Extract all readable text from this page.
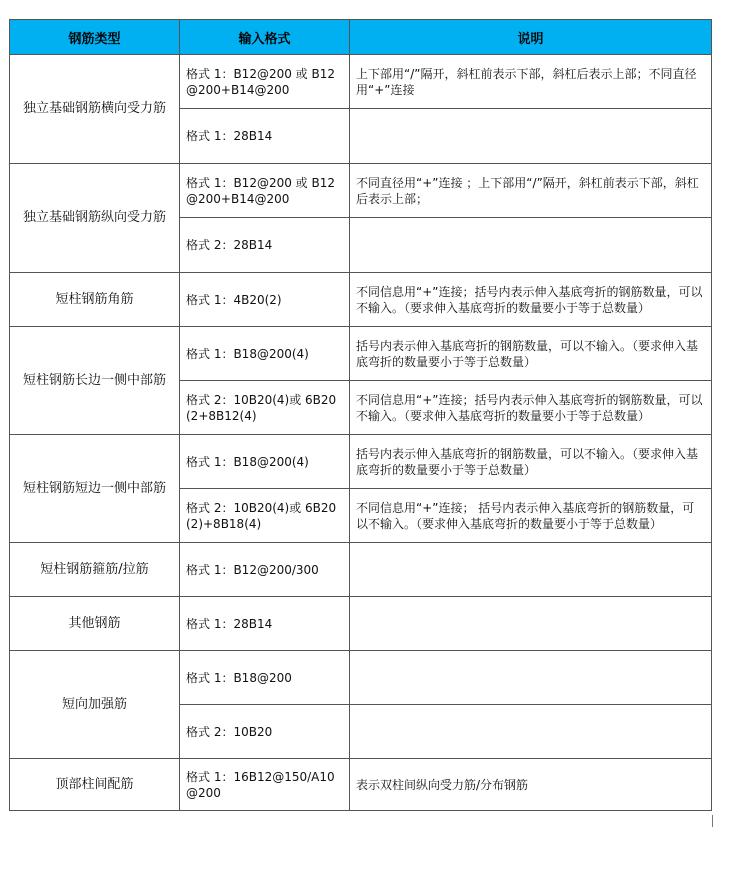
钢筋类型	输入格式	说明
独立基础钢筋横向受力筋	格式 1：B12@200 或 B12@200+B14@200	上下部用“/”隔开，斜杠前表示下部，斜杠后表示上部；不同直径用“+”连接
	格式 1：28B14	
独立基础钢筋纵向受力筋	格式 1：B12@200 或 B12@200+B14@200	不同直径用“+”连接 ；上下部用“/”隔开，斜杠前表示下部，斜杠后表示上部；
	格式 2：28B14	
短柱钢筋角筋	格式 1：4B20(2)	不同信息用“+”连接；括号内表示伸入基底弯折的钢筋数量，可以不输入。（要求伸入基底弯折的数量要小于等于总数量）
短柱钢筋长边一侧中部筋	格式 1：B18@200(4)	括号内表示伸入基底弯折的钢筋数量，可以不输入。（要求伸入基底弯折的数量要小于等于总数量）
	格式 2：10B20(4)或 6B20(2+8B12(4)	不同信息用“+”连接；括号内表示伸入基底弯折的钢筋数量，可以不输入。（要求伸入基底弯折的数量要小于等于总数量）
短柱钢筋短边一侧中部筋	格式 1：B18@200(4)	括号内表示伸入基底弯折的钢筋数量，可以不输入。（要求伸入基底弯折的数量要小于等于总数量）
	格式 2：10B20(4)或 6B20(2)+8B18(4)	不同信息用“+”连接； 括号内表示伸入基底弯折的钢筋数量，可以不输入。（要求伸入基底弯折的数量要小于等于总数量）
短柱钢筋箍筋/拉筋	格式 1：B12@200/300	
其他钢筋	格式 1：28B14	
短向加强筋	格式 1：B18@200	
	格式 2：10B20	
顶部柱间配筋	格式 1：16B12@150/A10@200	表示双柱间纵向受力筋/分布钢筋
